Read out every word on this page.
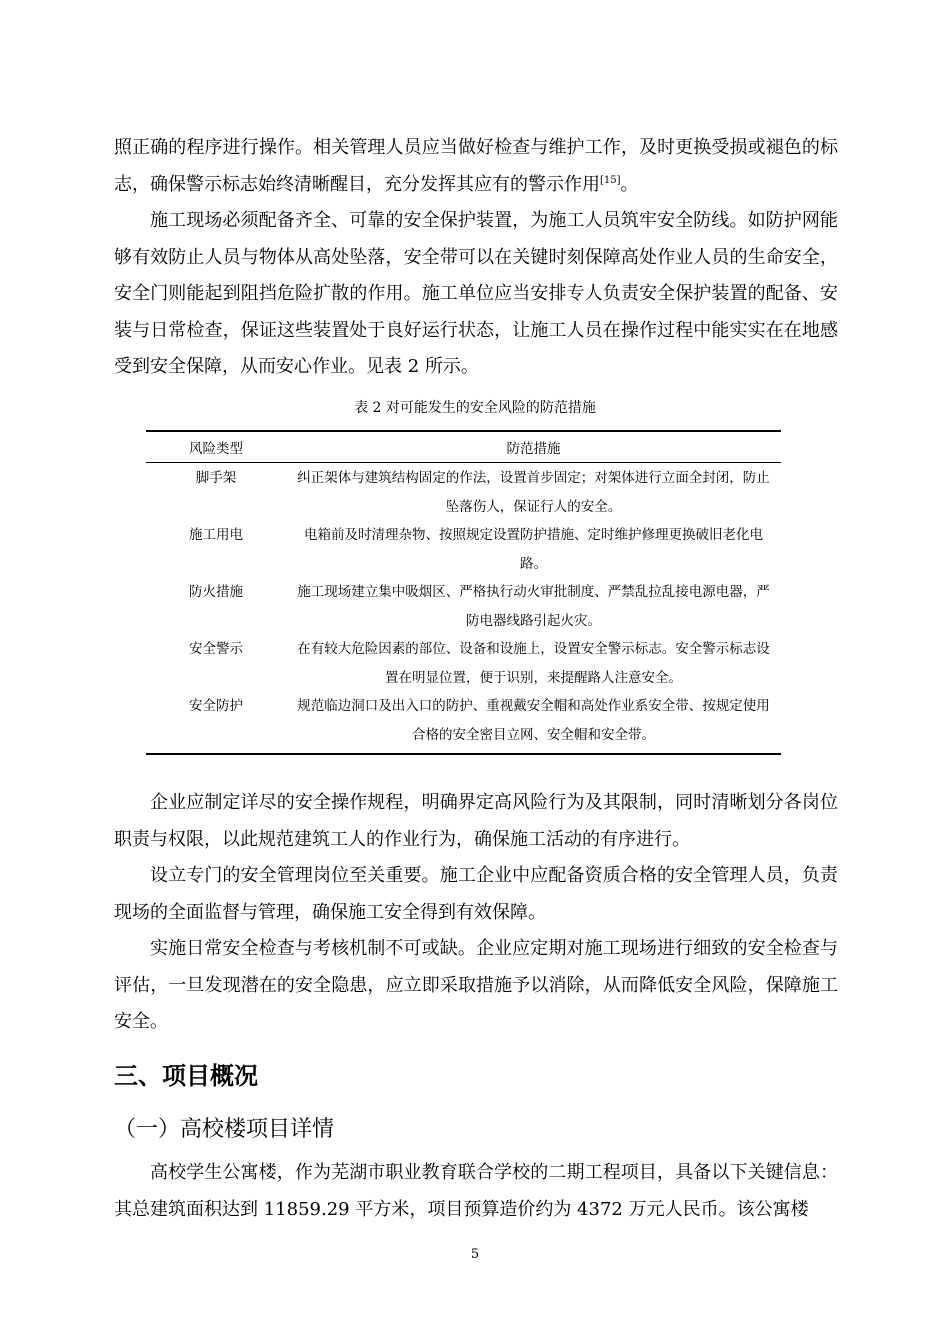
照正确的程序进行操作。相关管理人员应当做好检查与维护工作，及时更换受损或褪色的标志，确保警示标志始终清晰醒目，充分发挥其应有的警示作用[15]。

施工现场必须配备齐全、可靠的安全保护装置，为施工人员筑牢安全防线。如防护网能够有效防止人员与物体从高处坠落，安全带可以在关键时刻保障高处作业人员的生命安全，安全门则能起到阻挡危险扩散的作用。施工单位应当安排专人负责安全保护装置的配备、安装与日常检查，保证这些装置处于良好运行状态，让施工人员在操作过程中能实实在在地感受到安全保障，从而安心作业。见表 2 所示。

表 2 对可能发生的安全风险的防范措施
风险类型	防范措施
脚手架	纠正架体与建筑结构固定的作法，设置首步固定；对架体进行立面全封闭，防止坠落伤人，保证行人的安全。
施工用电	电箱前及时清理杂物、按照规定设置防护措施、定时维护修理更换破旧老化电路。
防火措施	施工现场建立集中吸烟区、严格执行动火审批制度、严禁乱拉乱接电源电器，严防电器线路引起火灾。
安全警示	在有较大危险因素的部位、设备和设施上，设置安全警示标志。安全警示标志设置在明显位置，便于识别，来提醒路人注意安全。
安全防护	规范临边洞口及出入口的防护、重视戴安全帽和高处作业系安全带、按规定使用合格的安全密目立网、安全帽和安全带。

企业应制定详尽的安全操作规程，明确界定高风险行为及其限制，同时清晰划分各岗位职责与权限，以此规范建筑工人的作业行为，确保施工活动的有序进行。

设立专门的安全管理岗位至关重要。施工企业中应配备资质合格的安全管理人员，负责现场的全面监督与管理，确保施工安全得到有效保障。

实施日常安全检查与考核机制不可或缺。企业应定期对施工现场进行细致的安全检查与评估，一旦发现潜在的安全隐患，应立即采取措施予以消除，从而降低安全风险，保障施工安全。

三、项目概况
（一）高校楼项目详情

高校学生公寓楼，作为芜湖市职业教育联合学校的二期工程项目，具备以下关键信息：其总建筑面积达到 11859.29 平方米，项目预算造价约为 4372 万元人民币。该公寓楼

5
